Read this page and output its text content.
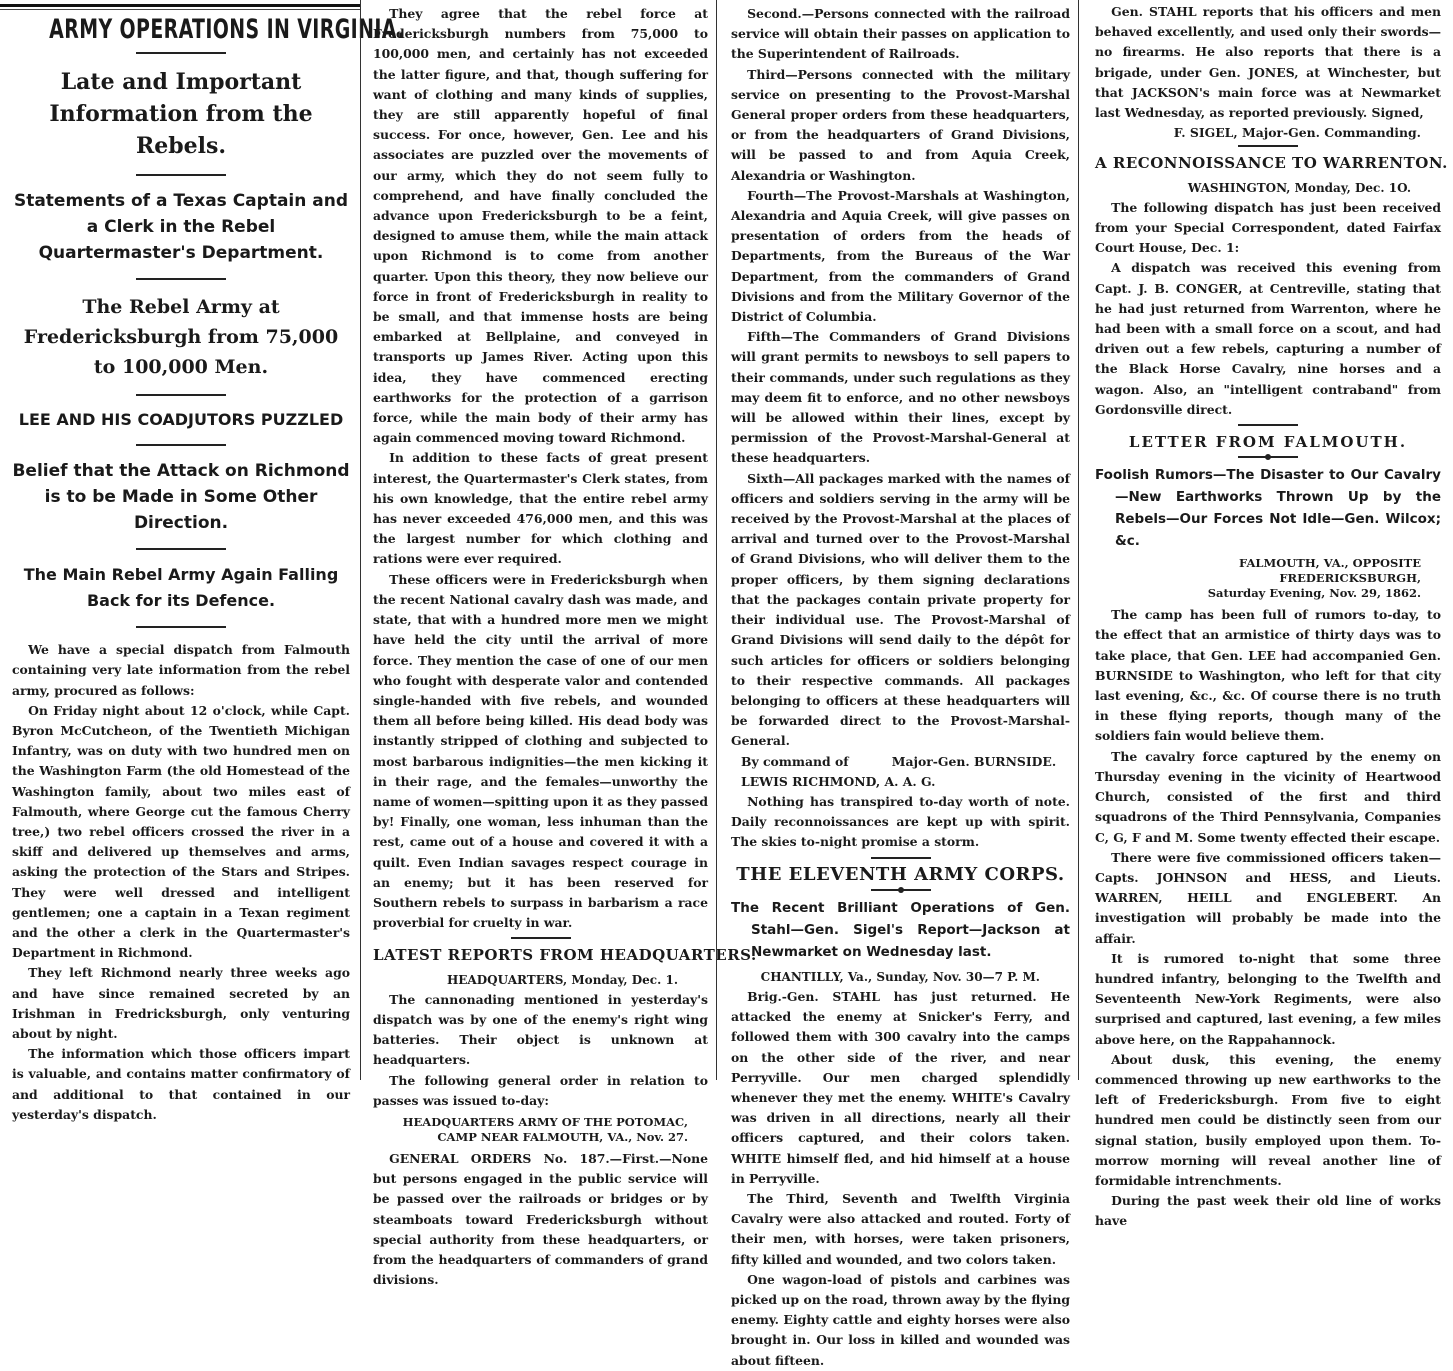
ARMY OPERATIONS IN VIRGINIA.
Late and Important Information from the Rebels.
Statements of a Texas Captain and a Clerk in the Rebel Quartermaster's Department.
The Rebel Army at Fredericksburgh from 75,000 to 100,000 Men.
LEE AND HIS COADJUTORS PUZZLED
Belief that the Attack on Richmond is to be Made in Some Other Direction.
The Main Rebel Army Again Falling Back for its Defence.

We have a special dispatch from Falmouth containing very late information from the rebel army, procured as follows:

On Friday night about 12 o'clock, while Capt. Byron McCutcheon, of the Twentieth Michigan Infantry, was on duty with two hundred men on the Washington Farm (the old Homestead of the Washington family, about two miles east of Falmouth, where George cut the famous Cherry tree,) two rebel officers crossed the river in a skiff and delivered up themselves and arms, asking the protection of the Stars and Stripes. They were well dressed and intelligent gentlemen; one a captain in a Texan regiment and the other a clerk in the Quartermaster's Department in Richmond.

They left Richmond nearly three weeks ago and have since remained secreted by an Irishman in Fredricksburgh, only venturing about by night.

The information which those officers impart is valuable, and contains matter confirmatory of and additional to that contained in our yesterday's dispatch.

They agree that the rebel force at Fredericksburgh numbers from 75,000 to 100,000 men, and certainly has not exceeded the latter figure, and that, though suffering for want of clothing and many kinds of supplies, they are still apparently hopeful of final success. For once, however, Gen. Lee and his associates are puzzled over the movements of our army, which they do not seem fully to comprehend, and have finally concluded the advance upon Fredericksburgh to be a feint, designed to amuse them, while the main attack upon Richmond is to come from another quarter. Upon this theory, they now believe our force in front of Fredericksburgh in reality to be small, and that immense hosts are being embarked at Bellplaine, and conveyed in transports up James River. Acting upon this idea, they have commenced erecting earthworks for the protection of a garrison force, while the main body of their army has again commenced moving toward Richmond.

In addition to these facts of great present interest, the Quartermaster's Clerk states, from his own knowledge, that the entire rebel army has never exceeded 476,000 men, and this was the largest number for which clothing and rations were ever required.

These officers were in Fredericksburgh when the recent National cavalry dash was made, and state, that with a hundred more men we might have held the city until the arrival of more force. They mention the case of one of our men who fought with desperate valor and contended single-handed with five rebels, and wounded them all before being killed. His dead body was instantly stripped of clothing and subjected to most barbarous indignities—the men kicking it in their rage, and the females—unworthy the name of women—spitting upon it as they passed by! Finally, one woman, less inhuman than the rest, came out of a house and covered it with a quilt. Even Indian savages respect courage in an enemy; but it has been reserved for Southern rebels to surpass in barbarism a race proverbial for cruelty in war.

LATEST REPORTS FROM HEADQUARTERS.
HEADQUARTERS, Monday, Dec. 1.

The cannonading mentioned in yesterday's dispatch was by one of the enemy's right wing batteries. Their object is unknown at headquarters.

The following general order in relation to passes was issued to-day:

HEADQUARTERS ARMY OF THE POTOMAC,
CAMP NEAR FALMOUTH, VA., Nov. 27.

GENERAL ORDERS No. 187.—First.—None but persons engaged in the public service will be passed over the railroads or bridges or by steamboats toward Fredericksburgh without special authority from these headquarters, or from the headquarters of commanders of grand divisions.

Second.—Persons connected with the railroad service will obtain their passes on application to the Superintendent of Railroads.

Third—Persons connected with the military service on presenting to the Provost-Marshal General proper orders from these headquarters, or from the headquarters of Grand Divisions, will be passed to and from Aquia Creek, Alexandria or Washington.

Fourth—The Provost-Marshals at Washington, Alexandria and Aquia Creek, will give passes on presentation of orders from the heads of Departments, from the Bureaus of the War Department, from the commanders of Grand Divisions and from the Military Governor of the District of Columbia.

Fifth—The Commanders of Grand Divisions will grant permits to newsboys to sell papers to their commands, under such regulations as they may deem fit to enforce, and no other newsboys will be allowed within their lines, except by permission of the Provost-Marshal-General at these headquarters.

Sixth—All packages marked with the names of officers and soldiers serving in the army will be received by the Provost-Marshal at the places of arrival and turned over to the Provost-Marshal of Grand Divisions, who will deliver them to the proper officers, by them signing declarations that the packages contain private property for their individual use. The Provost-Marshal of Grand Divisions will send daily to the dépôt for such articles for officers or soldiers belonging to their respective commands. All packages belonging to officers at these headquarters will be forwarded direct to the Provost-Marshal-General.

By command of          Major-Gen. BURNSIDE.

LEWIS RICHMOND, A. A. G.

Nothing has transpired to-day worth of note. Daily reconnoissances are kept up with spirit. The skies to-night promise a storm.

THE ELEVENTH ARMY CORPS.
The Recent Brilliant Operations of Gen. Stahl—Gen. Sigel's Report—Jackson at Newmarket on Wednesday last.
CHANTILLY, Va., Sunday, Nov. 30—7 P. M.

Brig.-Gen. STAHL has just returned. He attacked the enemy at Snicker's Ferry, and followed them with 300 cavalry into the camps on the other side of the river, and near Perryville. Our men charged splendidly whenever they met the enemy. WHITE's Cavalry was driven in all directions, nearly all their officers captured, and their colors taken. WHITE himself fled, and hid himself at a house in Perryville.

The Third, Seventh and Twelfth Virginia Cavalry were also attacked and routed. Forty of their men, with horses, were taken prisoners, fifty killed and wounded, and two colors taken.

One wagon-load of pistols and carbines was picked up on the road, thrown away by the flying enemy. Eighty cattle and eighty horses were also brought in. Our loss in killed and wounded was about fifteen.

Gen. STAHL reports that his officers and men behaved excellently, and used only their swords—no firearms. He also reports that there is a brigade, under Gen. JONES, at Winchester, but that JACKSON's main force was at Newmarket last Wednesday, as reported previously. Signed,

F. SIGEL, Major-Gen. Commanding.
A RECONNOISSANCE TO WARRENTON.
WASHINGTON, Monday, Dec. 1O.

The following dispatch has just been received from your Special Correspondent, dated Fairfax Court House, Dec. 1:

A dispatch was received this evening from Capt. J. B. CONGER, at Centreville, stating that he had just returned from Warrenton, where he had been with a small force on a scout, and had driven out a few rebels, capturing a number of the Black Horse Cavalry, nine horses and a wagon. Also, an "intelligent contraband" from Gordonsville direct.

LETTER FROM FALMOUTH.
Foolish Rumors—The Disaster to Our Cavalry—New Earthworks Thrown Up by the Rebels—Our Forces Not Idle—Gen. Wilcox; &c.
FALMOUTH, VA., OPPOSITE FREDERICKSBURGH,
Saturday Evening, Nov. 29, 1862.

The camp has been full of rumors to-day, to the effect that an armistice of thirty days was to take place, that Gen. LEE had accompanied Gen. BURNSIDE to Washington, who left for that city last evening, &c., &c. Of course there is no truth in these flying reports, though many of the soldiers fain would believe them.

The cavalry force captured by the enemy on Thursday evening in the vicinity of Heartwood Church, consisted of the first and third squadrons of the Third Pennsylvania, Companies C, G, F and M. Some twenty effected their escape.

There were five commissioned officers taken—Capts. JOHNSON and HESS, and Lieuts. WARREN, HEILL and ENGLEBERT. An investigation will probably be made into the affair.

It is rumored to-night that some three hundred infantry, belonging to the Twelfth and Seventeenth New-York Regiments, were also surprised and captured, last evening, a few miles above here, on the Rappahannock.

About dusk, this evening, the enemy commenced throwing up new earthworks to the left of Fredericksburgh. From five to eight hundred men could be distinctly seen from our signal station, busily employed upon them. To-morrow morning will reveal another line of formidable intrenchments.

During the past week their old line of works have
